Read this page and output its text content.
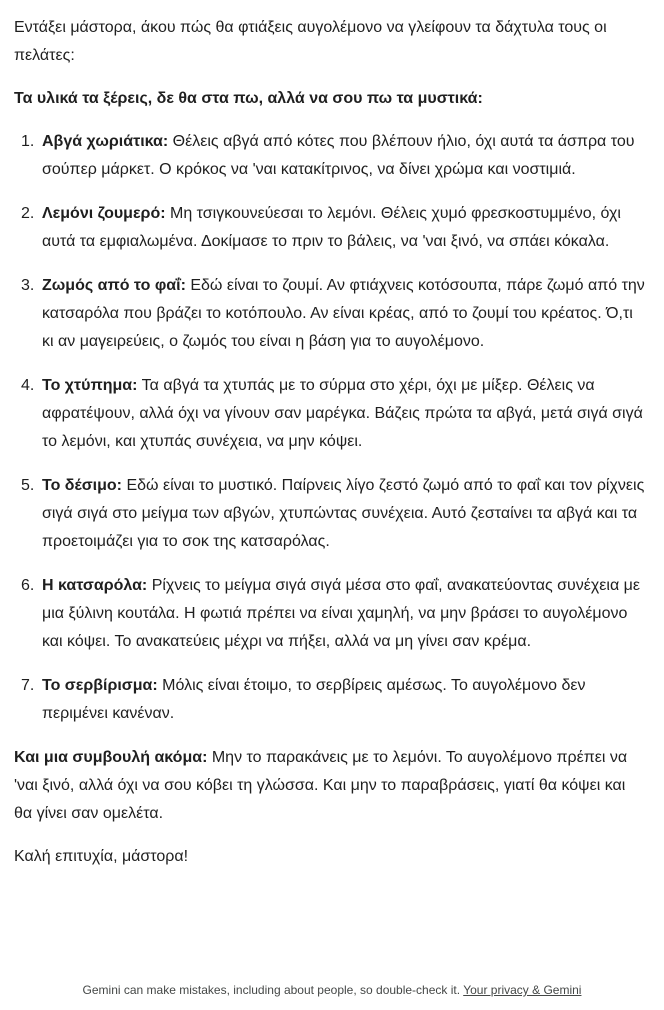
Εντάξει μάστορα, άκου πώς θα φτιάξεις αυγολέμονο να γλείφουν τα δάχτυλα τους οι πελάτες:

Τα υλικά τα ξέρεις, δε θα στα πω, αλλά να σου πω τα μυστικά:

1. Αβγά χωριάτικα: Θέλεις αβγά από κότες που βλέπουν ήλιο, όχι αυτά τα άσπρα του σούπερ μάρκετ. Ο κρόκος να 'ναι κατακίτρινος, να δίνει χρώμα και νοστιμιά.
2. Λεμόνι ζουμερό: Μη τσιγκουνεύεσαι το λεμόνι. Θέλεις χυμό φρεσκοστυμμένο, όχι αυτά τα εμφιαλωμένα. Δοκίμασε το πριν το βάλεις, να 'ναι ξινό, να σπάει κόκαλα.
3. Ζωμός από το φαΐ: Εδώ είναι το ζουμί. Αν φτιάχνεις κοτόσουπα, πάρε ζωμό από την κατσαρόλα που βράζει το κοτόπουλο. Αν είναι κρέας, από το ζουμί του κρέατος. Ό,τι κι αν μαγειρεύεις, ο ζωμός του είναι η βάση για το αυγολέμονο.
4. Το χτύπημα: Τα αβγά τα χτυπάς με το σύρμα στο χέρι, όχι με μίξερ. Θέλεις να αφρατέψουν, αλλά όχι να γίνουν σαν μαρέγκα. Βάζεις πρώτα τα αβγά, μετά σιγά σιγά το λεμόνι, και χτυπάς συνέχεια, να μην κόψει.
5. Το δέσιμο: Εδώ είναι το μυστικό. Παίρνεις λίγο ζεστό ζωμό από το φαΐ και τον ρίχνεις σιγά σιγά στο μείγμα των αβγών, χτυπώντας συνέχεια. Αυτό ζεσταίνει τα αβγά και τα προετοιμάζει για το σοκ της κατσαρόλας.
6. Η κατσαρόλα: Ρίχνεις το μείγμα σιγά σιγά μέσα στο φαΐ, ανακατεύοντας συνέχεια με μια ξύλινη κουτάλα. Η φωτιά πρέπει να είναι χαμηλή, να μην βράσει το αυγολέμονο και κόψει. Το ανακατεύεις μέχρι να πήξει, αλλά να μη γίνει σαν κρέμα.
7. Το σερβίρισμα: Μόλις είναι έτοιμο, το σερβίρεις αμέσως. Το αυγολέμονο δεν περιμένει κανέναν.

Και μια συμβουλή ακόμα: Μην το παρακάνεις με το λεμόνι. Το αυγολέμονο πρέπει να 'ναι ξινό, αλλά όχι να σου κόβει τη γλώσσα. Και μην το παραβράσεις, γιατί θα κόψει και θα γίνει σαν ομελέτα.

Καλή επιτυχία, μάστορα!

Gemini can make mistakes, including about people, so double-check it. Your privacy & Gemini
